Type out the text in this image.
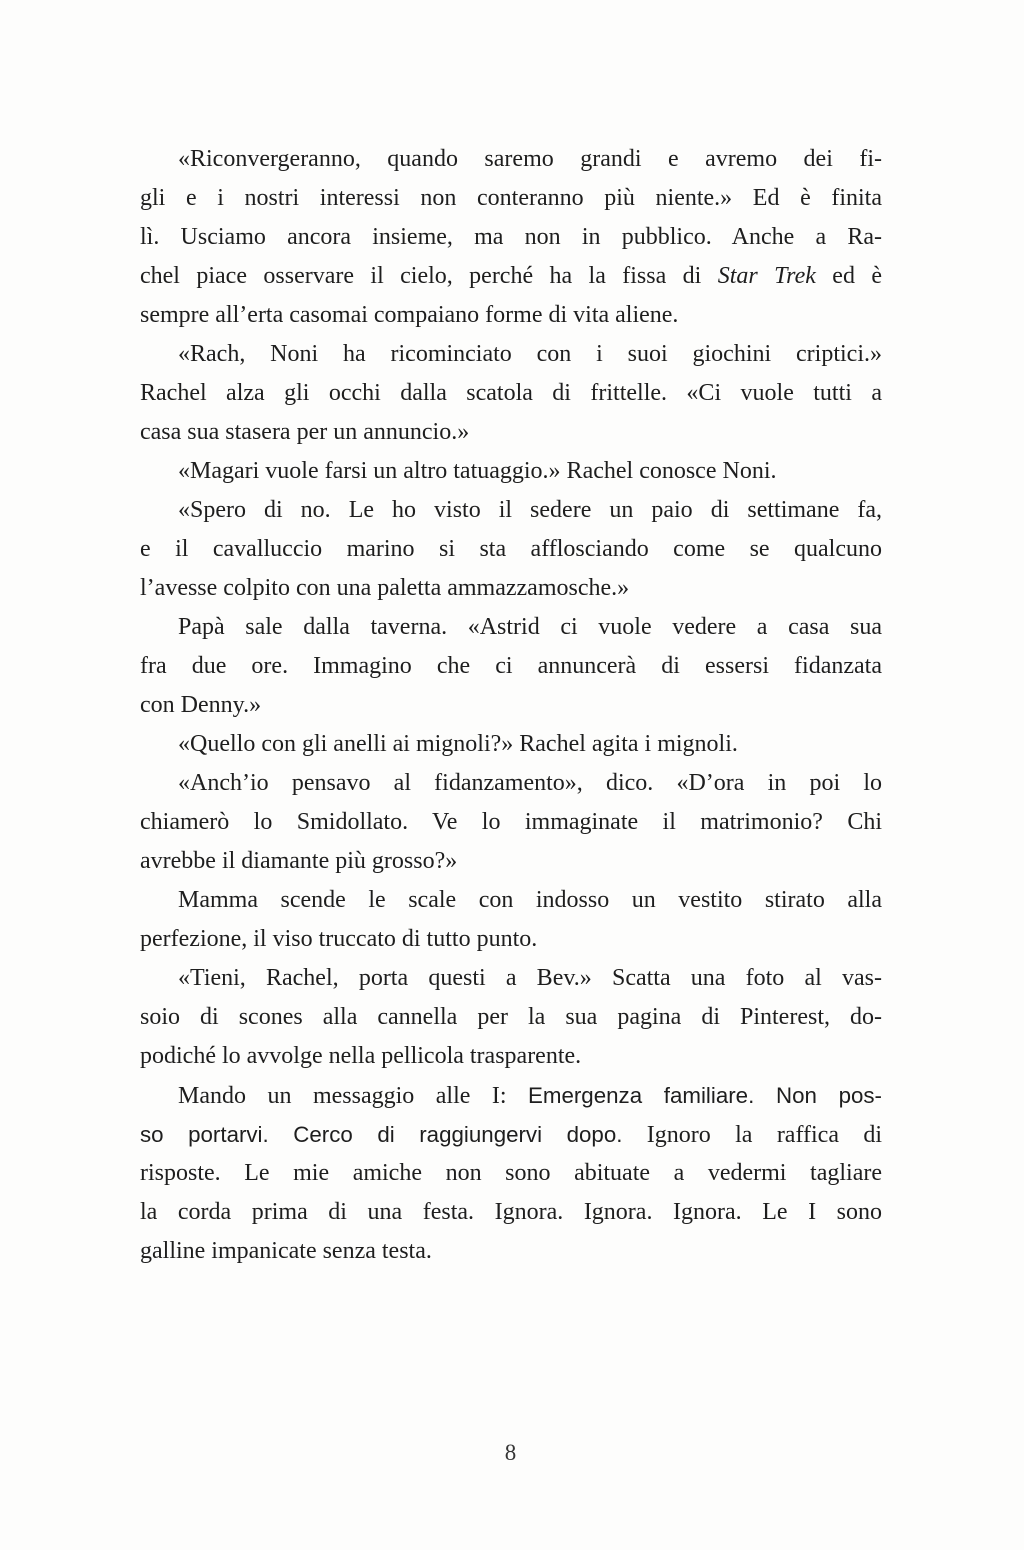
«Riconvergeranno, quando saremo grandi e avremo dei fi-
gli e i nostri interessi non conteranno più niente.» Ed è finita
lì. Usciamo ancora insieme, ma non in pubblico. Anche a Ra-
chel piace osservare il cielo, perché ha la fissa di Star Trek ed è
sempre all’erta casomai compaiano forme di vita aliene.
«Rach, Noni ha ricominciato con i suoi giochini criptici.»
Rachel alza gli occhi dalla scatola di frittelle. «Ci vuole tutti a
casa sua stasera per un annuncio.»
«Magari vuole farsi un altro tatuaggio.» Rachel conosce Noni.
«Spero di no. Le ho visto il sedere un paio di settimane fa,
e il cavalluccio marino si sta afflosciando come se qualcuno
l’avesse colpito con una paletta ammazzamosche.»
Papà sale dalla taverna. «Astrid ci vuole vedere a casa sua
fra due ore. Immagino che ci annuncerà di essersi fidanzata
con Denny.»
«Quello con gli anelli ai mignoli?» Rachel agita i mignoli.
«Anch’io pensavo al fidanzamento», dico. «D’ora in poi lo
chiamerò lo Smidollato. Ve lo immaginate il matrimonio? Chi
avrebbe il diamante più grosso?»
Mamma scende le scale con indosso un vestito stirato alla
perfezione, il viso truccato di tutto punto.
«Tieni, Rachel, porta questi a Bev.» Scatta una foto al vas-
soio di scones alla cannella per la sua pagina di Pinterest, do-
podiché lo avvolge nella pellicola trasparente.
Mando un messaggio alle I: Emergenza familiare. Non pos-
so portarvi. Cerco di raggiungervi dopo. Ignoro la raffica di
risposte. Le mie amiche non sono abituate a vedermi tagliare
la corda prima di una festa. Ignora. Ignora. Ignora. Le I sono
galline impanicate senza testa.
8
